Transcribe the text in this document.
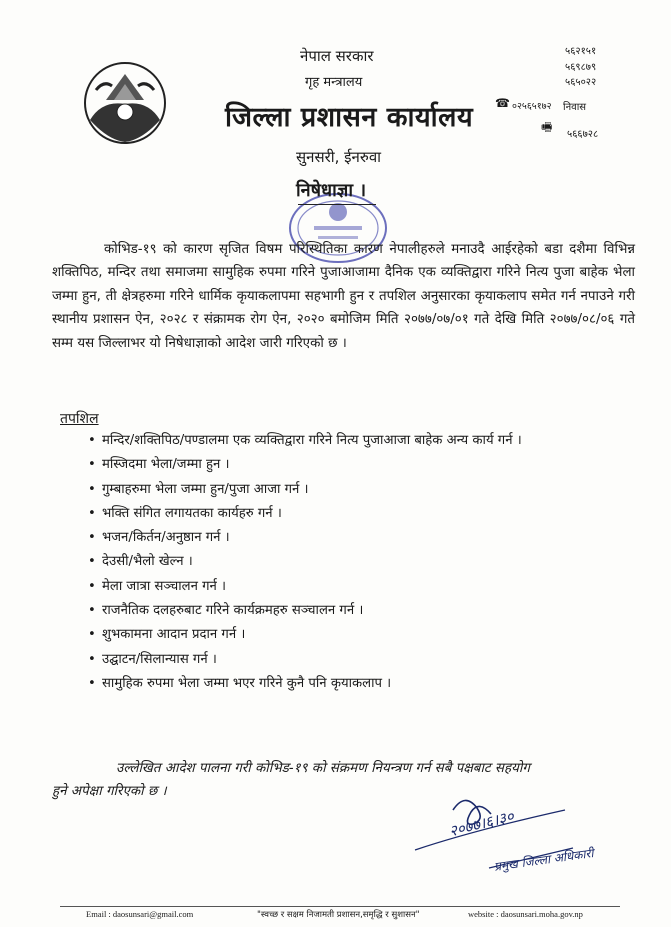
नेपाल सरकार
गृह मन्त्रालय
जिल्ला प्रशासन कार्यालय
सुनसरी, ईनरुवा
५६२१५१
५६९८७९
५६५०२२
☎ ०२५६५१७२ निवास
🖷
५६६७२८
निषेधाज्ञा ।
कोभिड-१९ को कारण सृजित विषम परिस्थितिका कारण नेपालीहरुले मनाउदै आईरहेको बडा दशैमा विभिन्न शक्तिपिठ, मन्दिर तथा समाजमा सामुहिक रुपमा गरिने पुजाआजामा दैनिक एक व्यक्तिद्वारा गरिने नित्य पुजा बाहेक भेला जम्मा हुन, ती क्षेत्रहरुमा गरिने धार्मिक कृयाकलापमा सहभागी हुन र तपशिल अनुसारका कृयाकलाप समेत गर्न नपाउने गरी स्थानीय प्रशासन ऐन, २०२८ र संक्रामक रोग ऐन, २०२० बमोजिम मिति २०७७/०७/०१ गते देखि मिति २०७७/०८/०६ गते सम्म यस जिल्लाभर यो निषेधाज्ञाको आदेश जारी गरिएको छ ।
तपशिल
• मन्दिर/शक्तिपिठ/पण्डालमा एक व्यक्तिद्वारा गरिने नित्य पुजाआजा बाहेक अन्य कार्य गर्न ।
• मस्जिदमा भेला/जम्मा हुन ।
• गुम्बाहरुमा भेला जम्मा हुन/पुजा आजा गर्न ।
• भक्ति संगित लगायतका कार्यहरु गर्न ।
• भजन/किर्तन/अनुष्ठान गर्न ।
• देउसी/भैलो खेल्न ।
• मेला जात्रा सञ्चालन गर्न ।
• राजनैतिक दलहरुबाट गरिने कार्यक्रमहरु सञ्चालन गर्न ।
• शुभकामना आदान प्रदान गर्न ।
• उद्घाटन/सिलान्यास गर्न ।
• सामुहिक रुपमा भेला जम्मा भएर गरिने कुनै पनि कृयाकलाप ।
उल्लेखित आदेश पालना गरी कोभिड-१९ को संक्रमण नियन्त्रण गर्न सबै पक्षबाट सहयोग
हुने अपेक्षा गरिएको छ ।
२०७७।६।३०
प्रमुख जिल्ला अधिकारी
Email : daosunsari@gmail.com	"स्वच्छ र सक्षम निजामती प्रशासन,समृद्धि र सुशासन"	website : daosunsari.moha.gov.np
